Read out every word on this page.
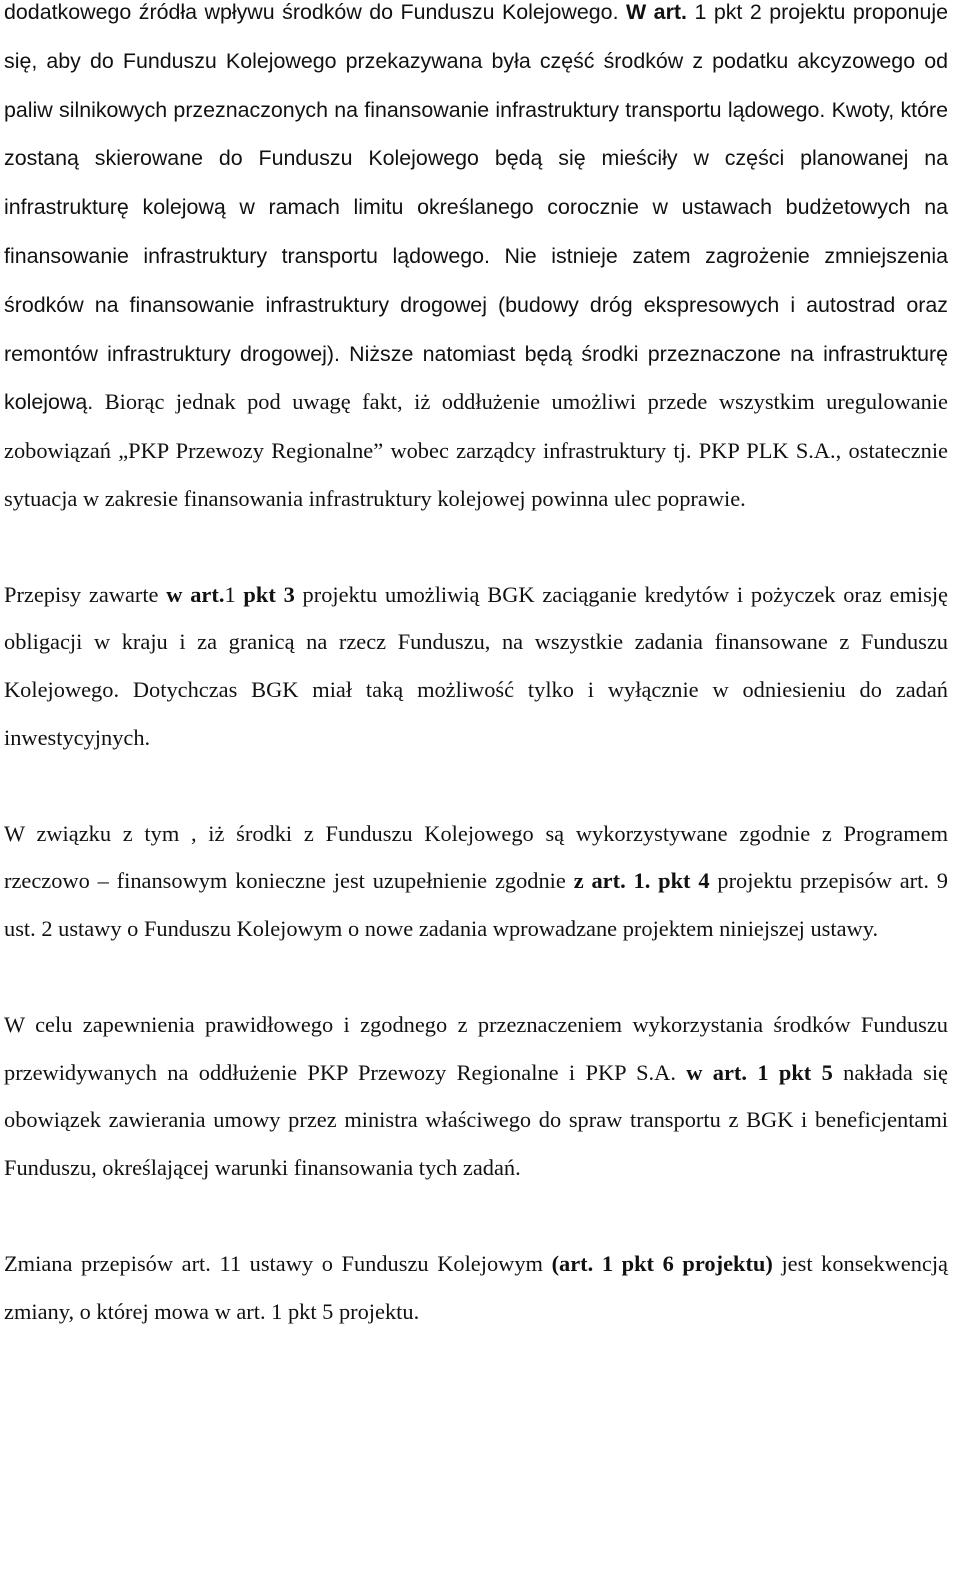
dodatkowego źródła wpływu środków do Funduszu Kolejowego. W art. 1 pkt 2 projektu proponuje się, aby do Funduszu Kolejowego przekazywana była część środków z podatku akcyzowego od paliw silnikowych przeznaczonych na finansowanie infrastruktury transportu lądowego. Kwoty, które zostaną skierowane do Funduszu Kolejowego będą się mieściły w części planowanej na infrastrukturę kolejową w ramach limitu określanego corocznie w ustawach budżetowych na finansowanie infrastruktury transportu lądowego. Nie istnieje zatem zagrożenie zmniejszenia środków na finansowanie infrastruktury drogowej (budowy dróg ekspresowych i autostrad oraz remontów infrastruktury drogowej). Niższe natomiast będą środki przeznaczone na infrastrukturę kolejową. Biorąc jednak pod uwagę fakt, iż oddłużenie umożliwi przede wszystkim uregulowanie zobowiązań „PKP Przewozy Regionalne” wobec zarządcy infrastruktury tj. PKP PLK S.A., ostatecznie sytuacja w zakresie finansowania infrastruktury kolejowej powinna ulec poprawie.

Przepisy zawarte w art.1 pkt 3 projektu umożliwią BGK zaciąganie kredytów i pożyczek oraz emisję obligacji w kraju i za granicą na rzecz Funduszu, na wszystkie zadania finansowane z Funduszu Kolejowego. Dotychczas BGK miał taką możliwość tylko i wyłącznie w odniesieniu do zadań inwestycyjnych.

W związku z tym , iż środki z Funduszu Kolejowego są wykorzystywane zgodnie z Programem rzeczowo – finansowym konieczne jest uzupełnienie zgodnie z art. 1. pkt 4 projektu przepisów art. 9 ust. 2 ustawy o Funduszu Kolejowym o nowe zadania wprowadzane projektem niniejszej ustawy.

W celu zapewnienia prawidłowego i zgodnego z przeznaczeniem wykorzystania środków Funduszu przewidywanych na oddłużenie PKP Przewozy Regionalne i PKP S.A. w art. 1 pkt 5 nakłada się obowiązek zawierania umowy przez ministra właściwego do spraw transportu z BGK i beneficjentami Funduszu, określającej warunki finansowania tych zadań.

Zmiana przepisów art. 11 ustawy o Funduszu Kolejowym (art. 1 pkt 6 projektu) jest konsekwencją zmiany, o której mowa w art. 1 pkt 5 projektu.
